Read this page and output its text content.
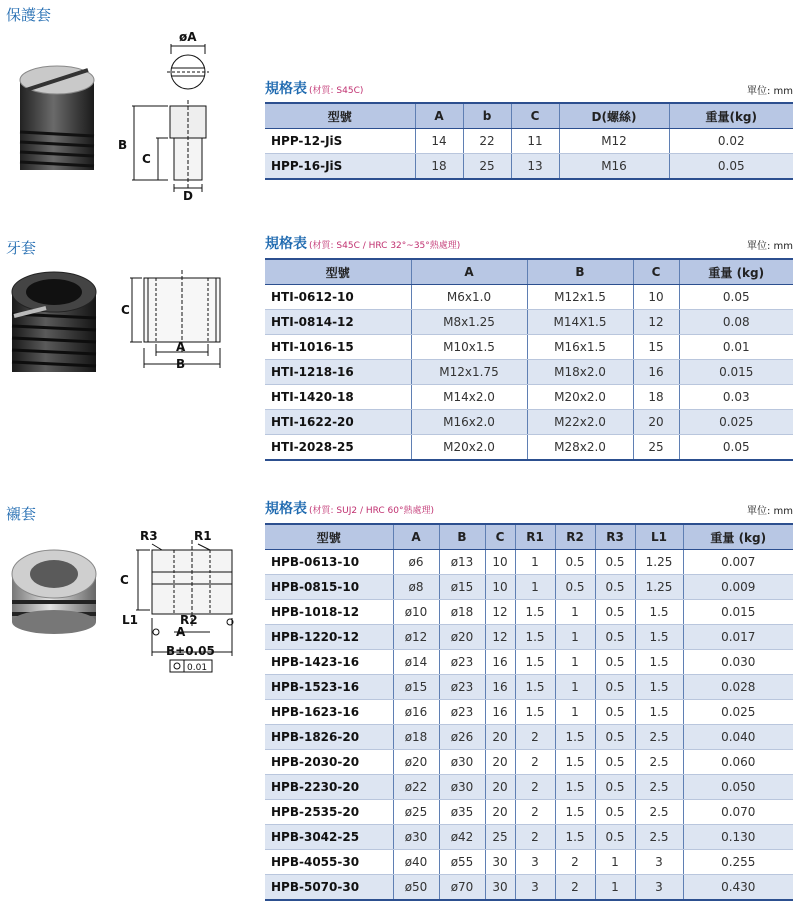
保護套
øA
B
C
D
規格表 (材質: S45C)	單位: mm
型號	A	b	C	D(螺絲)	重量(kg)
HPP-12-JiS	14	22	11	M12	0.02
HPP-16-JiS	18	25	13	M16	0.05
牙套
C
A
B
規格表 (材質: S45C / HRC 32°~35°熱處理)	單位: mm
型號	A	B	C	重量 (kg)
HTI-0612-10	M6x1.0	M12x1.5	10	0.05
HTI-0814-12	M8x1.25	M14X1.5	12	0.08
HTI-1016-15	M10x1.5	M16x1.5	15	0.01
HTI-1218-16	M12x1.75	M18x2.0	16	0.015
HTI-1420-18	M14x2.0	M20x2.0	18	0.03
HTI-1622-20	M16x2.0	M22x2.0	20	0.025
HTI-2028-25	M20x2.0	M28x2.0	25	0.05
襯套
R3	R1
C
L1	R2
A
B±0.05
0.01
規格表 (材質: SUJ2 / HRC 60°熱處理)	單位: mm
型號	A	B	C	R1	R2	R3	L1	重量 (kg)
HPB-0613-10	ø6	ø13	10	1	0.5	0.5	1.25	0.007
HPB-0815-10	ø8	ø15	10	1	0.5	0.5	1.25	0.009
HPB-1018-12	ø10	ø18	12	1.5	1	0.5	1.5	0.015
HPB-1220-12	ø12	ø20	12	1.5	1	0.5	1.5	0.017
HPB-1423-16	ø14	ø23	16	1.5	1	0.5	1.5	0.030
HPB-1523-16	ø15	ø23	16	1.5	1	0.5	1.5	0.028
HPB-1623-16	ø16	ø23	16	1.5	1	0.5	1.5	0.025
HPB-1826-20	ø18	ø26	20	2	1.5	0.5	2.5	0.040
HPB-2030-20	ø20	ø30	20	2	1.5	0.5	2.5	0.060
HPB-2230-20	ø22	ø30	20	2	1.5	0.5	2.5	0.050
HPB-2535-20	ø25	ø35	20	2	1.5	0.5	2.5	0.070
HPB-3042-25	ø30	ø42	25	2	1.5	0.5	2.5	0.130
HPB-4055-30	ø40	ø55	30	3	2	1	3	0.255
HPB-5070-30	ø50	ø70	30	3	2	1	3	0.430
